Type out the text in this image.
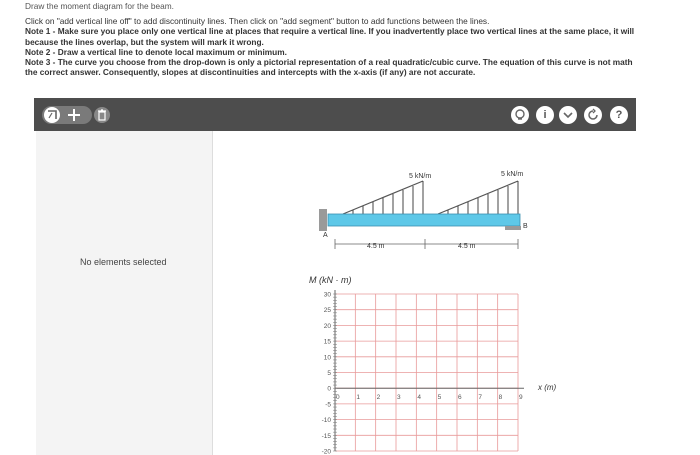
Draw the moment diagram for the beam.
Click on "add vertical line off" to add discontinuity lines. Then click on "add segment" button to add functions between the lines.
Note 1 - Make sure you place only one vertical line at places that require a vertical line. If you inadvertently place two vertical lines at the same place, it will
because the lines overlap, but the system will mark it wrong.
Note 2 - Draw a vertical line to denote local maximum or minimum.
Note 3 - The curve you choose from the drop-down is only a pictorial representation of a real quadratic/cubic curve. The equation of this curve is not math
the correct answer. Consequently, slopes at discontinuities and intercepts with the x-axis (if any) are not accurate.
i	?
No elements selected
5 kN/m	5 kN/m
A
B
4.5 m	4.5 m
M (kN · m)
30
25
20
15
10
5
0
-5
-10
-15
-20
0	1	2	3	4	5	6	7	8	9
x (m)
